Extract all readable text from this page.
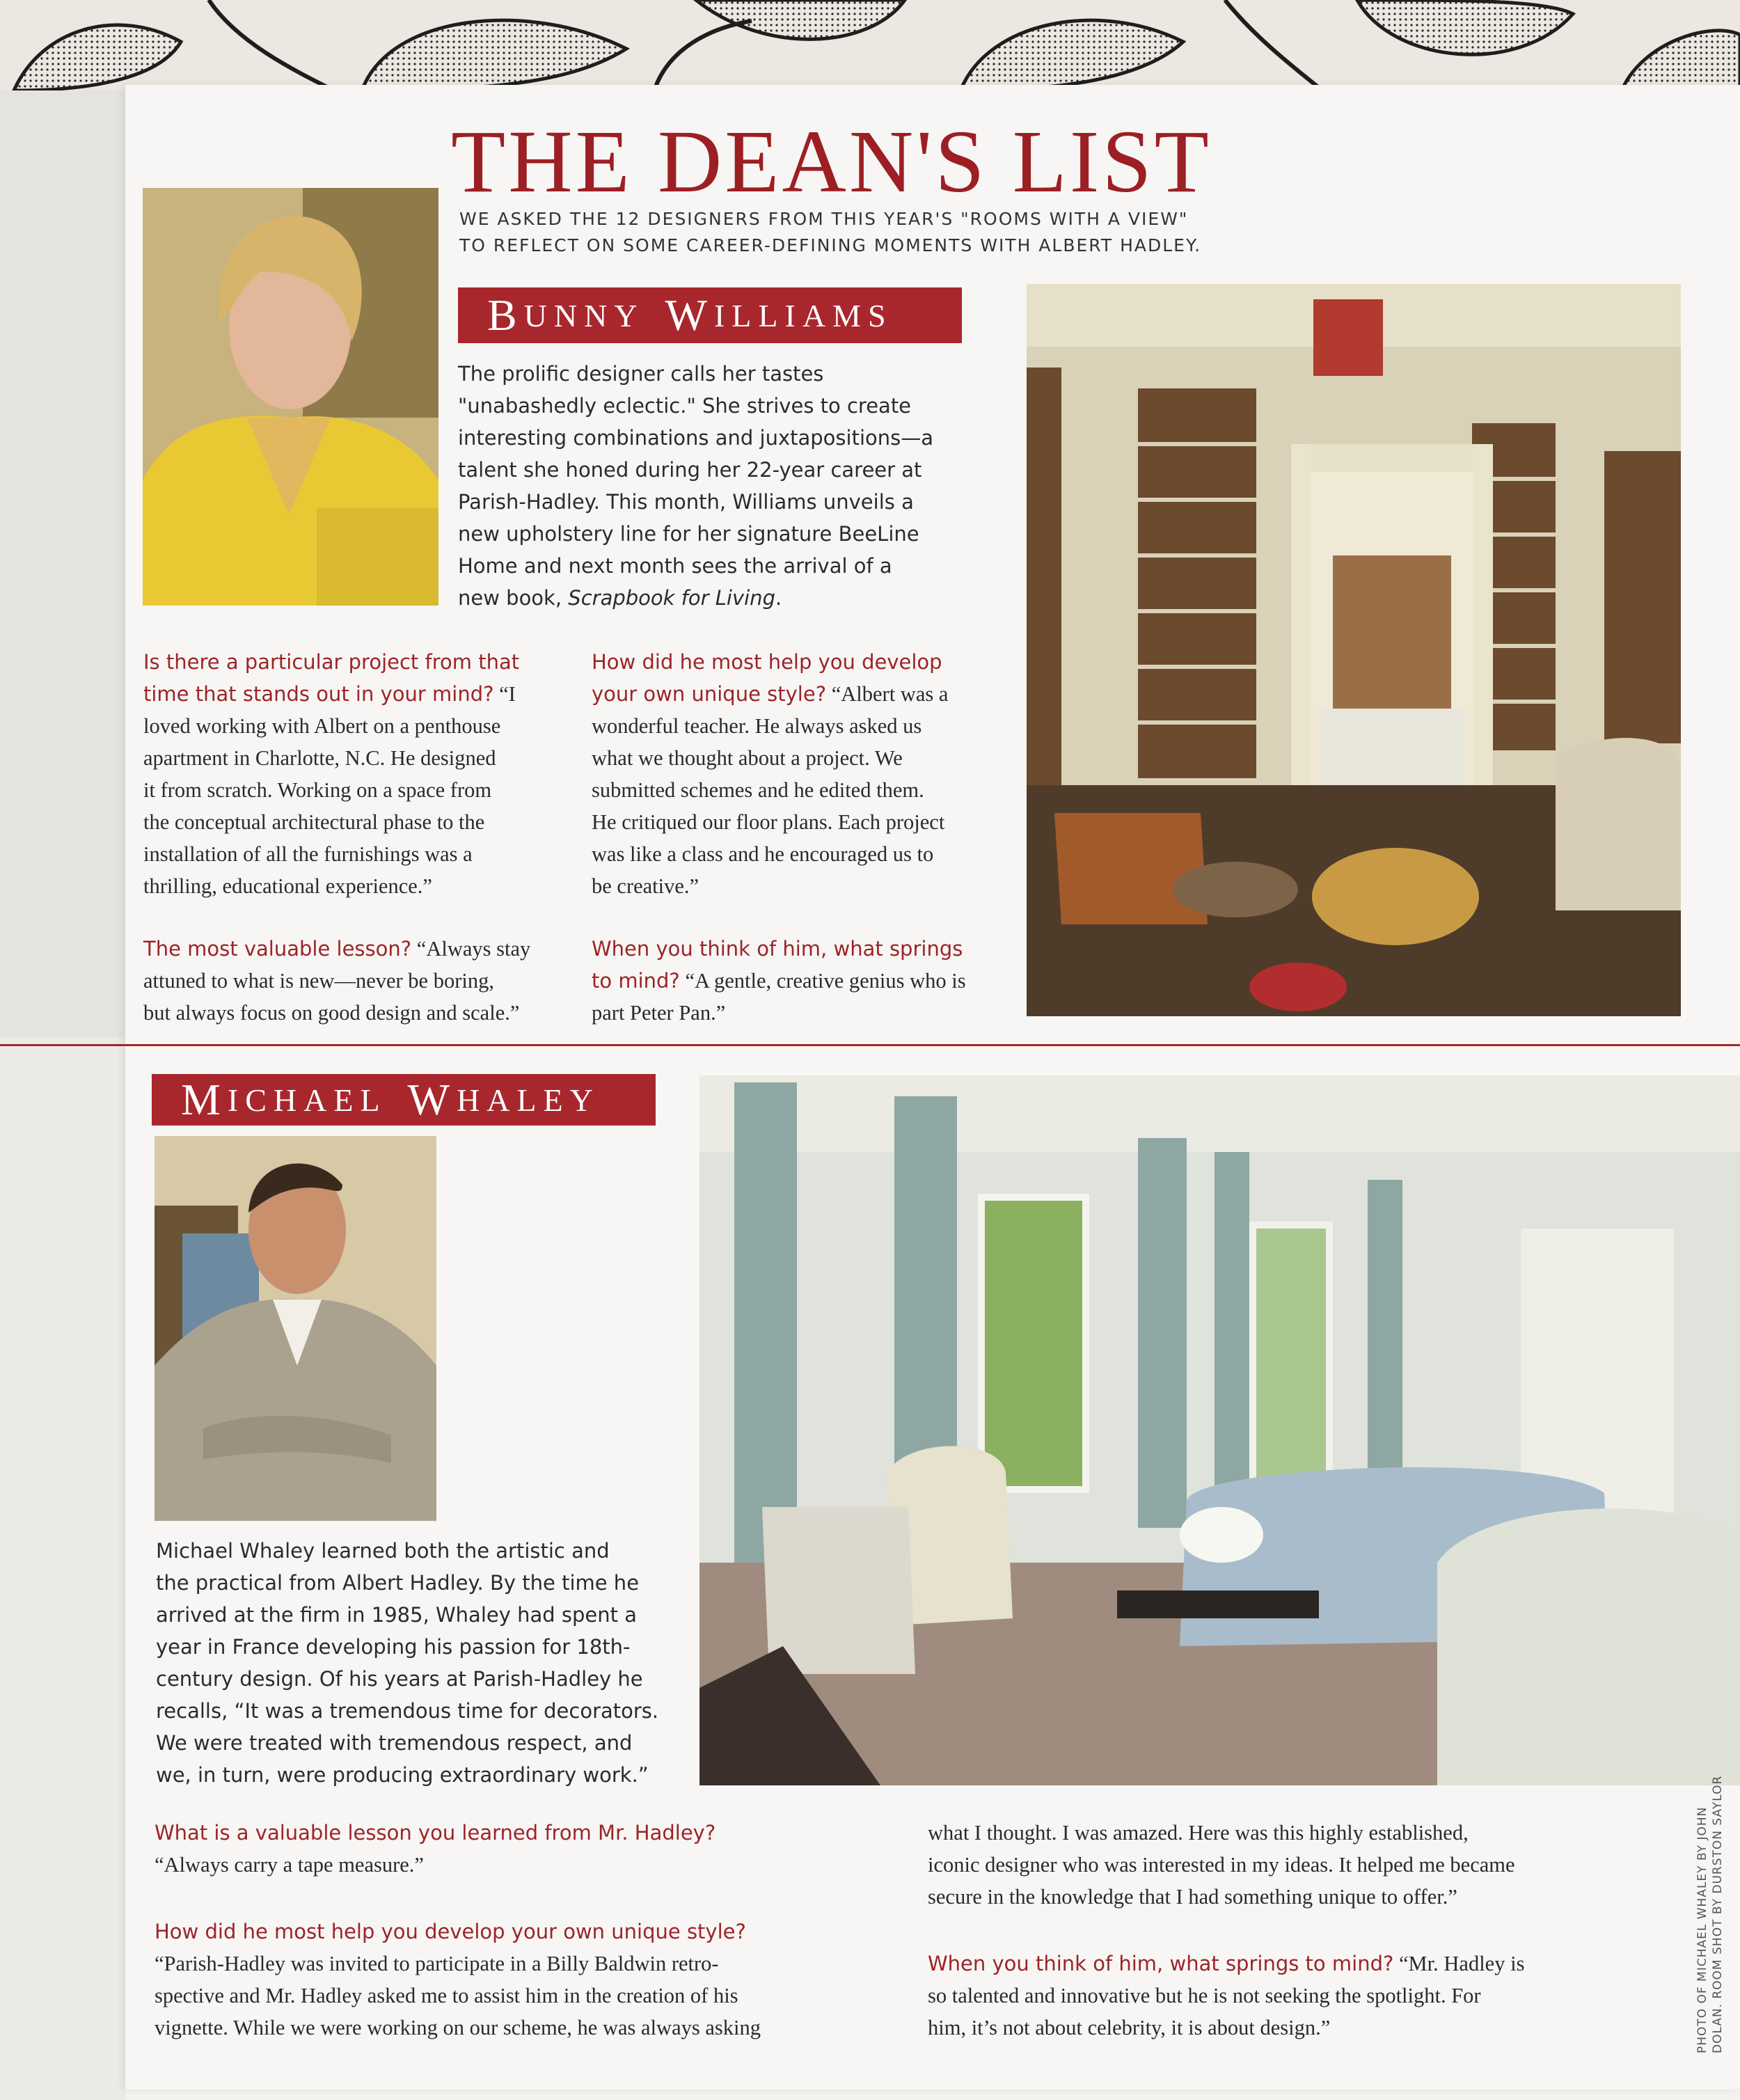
THE DEAN'S LIST
WE ASKED THE 12 DESIGNERS FROM THIS YEAR'S "ROOMS WITH A VIEW"
TO REFLECT ON SOME CAREER-DEFINING MOMENTS WITH ALBERT HADLEY.
B UNNY W ILLIAMS
The prolific designer calls her tastes
"unabashedly eclectic." She strives to create
interesting combinations and juxtapositions—a
talent she honed during her 22-year career at
Parish-Hadley. This month, Williams unveils a
new upholstery line for her signature BeeLine
Home and next month sees the arrival of a
new book, Scrapbook for Living.
Is there a particular project from that
time that stands out in your mind? “I
loved working with Albert on a penthouse
apartment in Charlotte, N.C. He designed
it from scratch. Working on a space from
the conceptual architectural phase to the
installation of all the furnishings was a
thrilling, educational experience.”
The most valuable lesson? “Always stay
attuned to what is new—never be boring,
but always focus on good design and scale.”
How did he most help you develop
your own unique style? “Albert was a
wonderful teacher. He always asked us
what we thought about a project. We
submitted schemes and he edited them.
He critiqued our floor plans. Each project
was like a class and he encouraged us to
be creative.”
When you think of him, what springs
to mind? “A gentle, creative genius who is
part Peter Pan.”
M ICHAEL W HALEY
Michael Whaley learned both the artistic and
the practical from Albert Hadley. By the time he
arrived at the firm in 1985, Whaley had spent a
year in France developing his passion for 18th-
century design. Of his years at Parish-Hadley he
recalls, “It was a tremendous time for decorators.
We were treated with tremendous respect, and
we, in turn, were producing extraordinary work.”
What is a valuable lesson you learned from Mr. Hadley?
“Always carry a tape measure.”
How did he most help you develop your own unique style?
“Parish-Hadley was invited to participate in a Billy Baldwin retro-
spective and Mr. Hadley asked me to assist him in the creation of his
vignette. While we were working on our scheme, he was always asking
what I thought. I was amazed. Here was this highly established,
iconic designer who was interested in my ideas. It helped me became
secure in the knowledge that I had something unique to offer.”
When you think of him, what springs to mind? “Mr. Hadley is
so talented and innovative but he is not seeking the spotlight. For
him, it’s not about celebrity, it is about design.”	PHOTO OF MICHAEL WHALEY BY JOHN DOLAN. ROOM SHOT BY DURSTON SAYLOR
